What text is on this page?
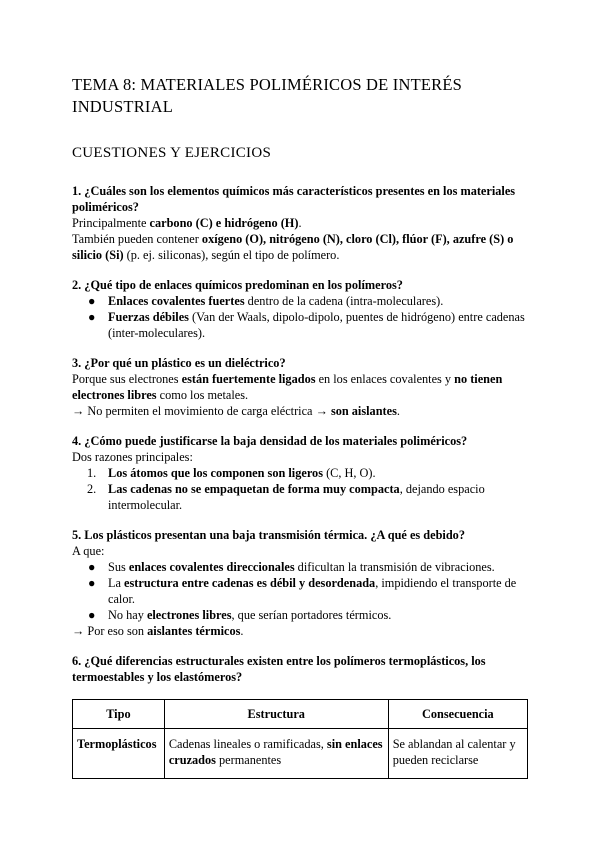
TEMA 8: MATERIALES POLIMÉRICOS DE INTERÉS INDUSTRIAL
CUESTIONES Y EJERCICIOS

1. ¿Cuáles son los elementos químicos más característicos presentes en los materiales poliméricos?

Principalmente carbono (C) e hidrógeno (H).

También pueden contener oxígeno (O), nitrógeno (N), cloro (Cl), flúor (F), azufre (S) o silicio (Si) (p. ej. siliconas), según el tipo de polímero.

2. ¿Qué tipo de enlaces químicos predominan en los polímeros?

● Enlaces covalentes fuertes dentro de la cadena (intra-moleculares).
● Fuerzas débiles (Van der Waals, dipolo-dipolo, puentes de hidrógeno) entre cadenas (inter-moleculares).

3. ¿Por qué un plástico es un dieléctrico?

Porque sus electrones están fuertemente ligados en los enlaces covalentes y no tienen electrones libres como los metales.

→ No permiten el movimiento de carga eléctrica → son aislantes.

4. ¿Cómo puede justificarse la baja densidad de los materiales poliméricos?

Dos razones principales:

1. Los átomos que los componen son ligeros (C, H, O).
2. Las cadenas no se empaquetan de forma muy compacta, dejando espacio intermolecular.

5. Los plásticos presentan una baja transmisión térmica. ¿A qué es debido?

A que:

● Sus enlaces covalentes direccionales dificultan la transmisión de vibraciones.
● La estructura entre cadenas es débil y desordenada, impidiendo el transporte de calor.
● No hay electrones libres, que serían portadores térmicos.

→ Por eso son aislantes térmicos.

6. ¿Qué diferencias estructurales existen entre los polímeros termoplásticos, los termoestables y los elastómeros?

Tipo	Estructura	Consecuencia
Termoplásticos	Cadenas lineales o ramificadas, sin enlaces cruzados permanentes	Se ablandan al calentar y pueden reciclarse
